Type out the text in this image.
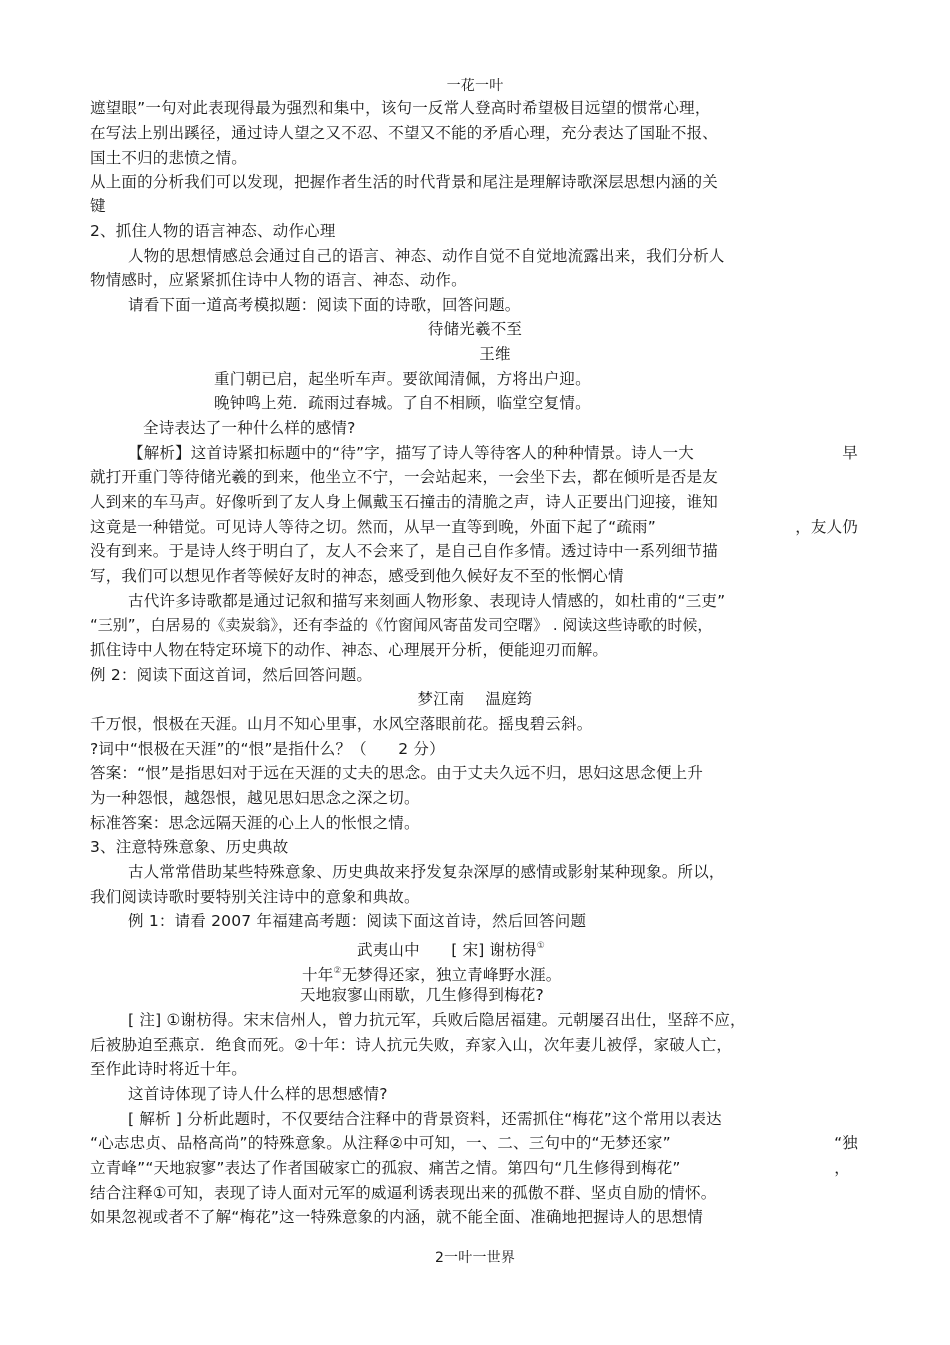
一花一叶
遮望眼”一句对此表现得最为强烈和集中，该句一反常人登高时希望极目远望的惯常心理，
在写法上别出蹊径，通过诗人望之又不忍、不望又不能的矛盾心理，充分表达了国耻不报、
国土不归的悲愤之情。
从上面的分析我们可以发现，把握作者生活的时代背景和尾注是理解诗歌深层思想内涵的关
键
2、抓住人物的语言神态、动作心理
人物的思想情感总会通过自己的语言、神态、动作自觉不自觉地流露出来，我们分析人
物情感时，应紧紧抓住诗中人物的语言、神态、动作。
请看下面一道高考模拟题：阅读下面的诗歌，回答问题。
待储光羲不至
王维
重门朝已启，起坐听车声。要欲闻清佩，方将出户迎。
晚钟鸣上苑．疏雨过春城。了自不相顾，临堂空复情。
全诗表达了一种什么样的感情?
【解析】这首诗紧扣标题中的“待”字，描写了诗人等待客人的种种情景。诗人一大	早
就打开重门等待储光羲的到来，他坐立不宁，一会站起来，一会坐下去，都在倾听是否是友
人到来的车马声。好像听到了友人身上佩戴玉石撞击的清脆之声，诗人正要出门迎接，谁知
这竟是一种错觉。可见诗人等待之切。然而，从早一直等到晚，外面下起了“疏雨”	，友人仍
没有到来。于是诗人终于明白了，友人不会来了，是自己自作多情。透过诗中一系列细节描
写，我们可以想见作者等候好友时的神态，感受到他久候好友不至的怅惘心情
古代许多诗歌都是通过记叙和描写来刻画人物形象、表现诗人情感的，如杜甫的“三吏”
“三别”，白居易的《卖炭翁》，还有李益的《竹窗闻风寄苗发司空曙》 . 阅读这些诗歌的时候，
抓住诗中人物在特定环境下的动作、神态、心理展开分析，便能迎刃而解。
例 2：阅读下面这首词，然后回答问题。
梦江南　 温庭筠
千万恨，恨极在天涯。山月不知心里事，水风空落眼前花。摇曳碧云斜。
?词中“恨极在天涯”的“恨”是指什么？（　　2 分）
答案：“恨”是指思妇对于远在天涯的丈夫的思念。由于丈夫久远不归，思妇这思念便上升
为一种怨恨，越怨恨，越见思妇思念之深之切。
标准答案：思念远隔天涯的心上人的怅恨之情。
3、注意特殊意象、历史典故
古人常常借助某些特殊意象、历史典故来抒发复杂深厚的感情或影射某种现象。所以，
我们阅读诗歌时要特别关注诗中的意象和典故。
例 1：请看 2007 年福建高考题：阅读下面这首诗，然后回答问题
武夷山中　　[ 宋] 谢枋得①
十年②无梦得还家，独立青峰野水涯。
天地寂寥山雨歇，几生修得到梅花?
[ 注] ①谢枋得。宋末信州人，曾力抗元军，兵败后隐居福建。元朝屡召出仕，坚辞不应，
后被胁迫至燕京．绝食而死。②十年：诗人抗元失败，弃家入山，次年妻儿被俘，家破人亡，
至作此诗时将近十年。
这首诗体现了诗人什么样的思想感情?
[ 解析 ] 分析此题时，不仅要结合注释中的背景资料，还需抓住“梅花”这个常用以表达
“心志忠贞、品格高尚”的特殊意象。从注释②中可知，一、二、三句中的“无梦还家”	“独
立青峰”“天地寂寥”表达了作者国破家亡的孤寂、痛苦之情。第四句“几生修得到梅花”	，
结合注释①可知，表现了诗人面对元军的威逼利诱表现出来的孤傲不群、坚贞自励的情怀。
如果忽视或者不了解“梅花”这一特殊意象的内涵，就不能全面、准确地把握诗人的思想情
2一叶一世界
